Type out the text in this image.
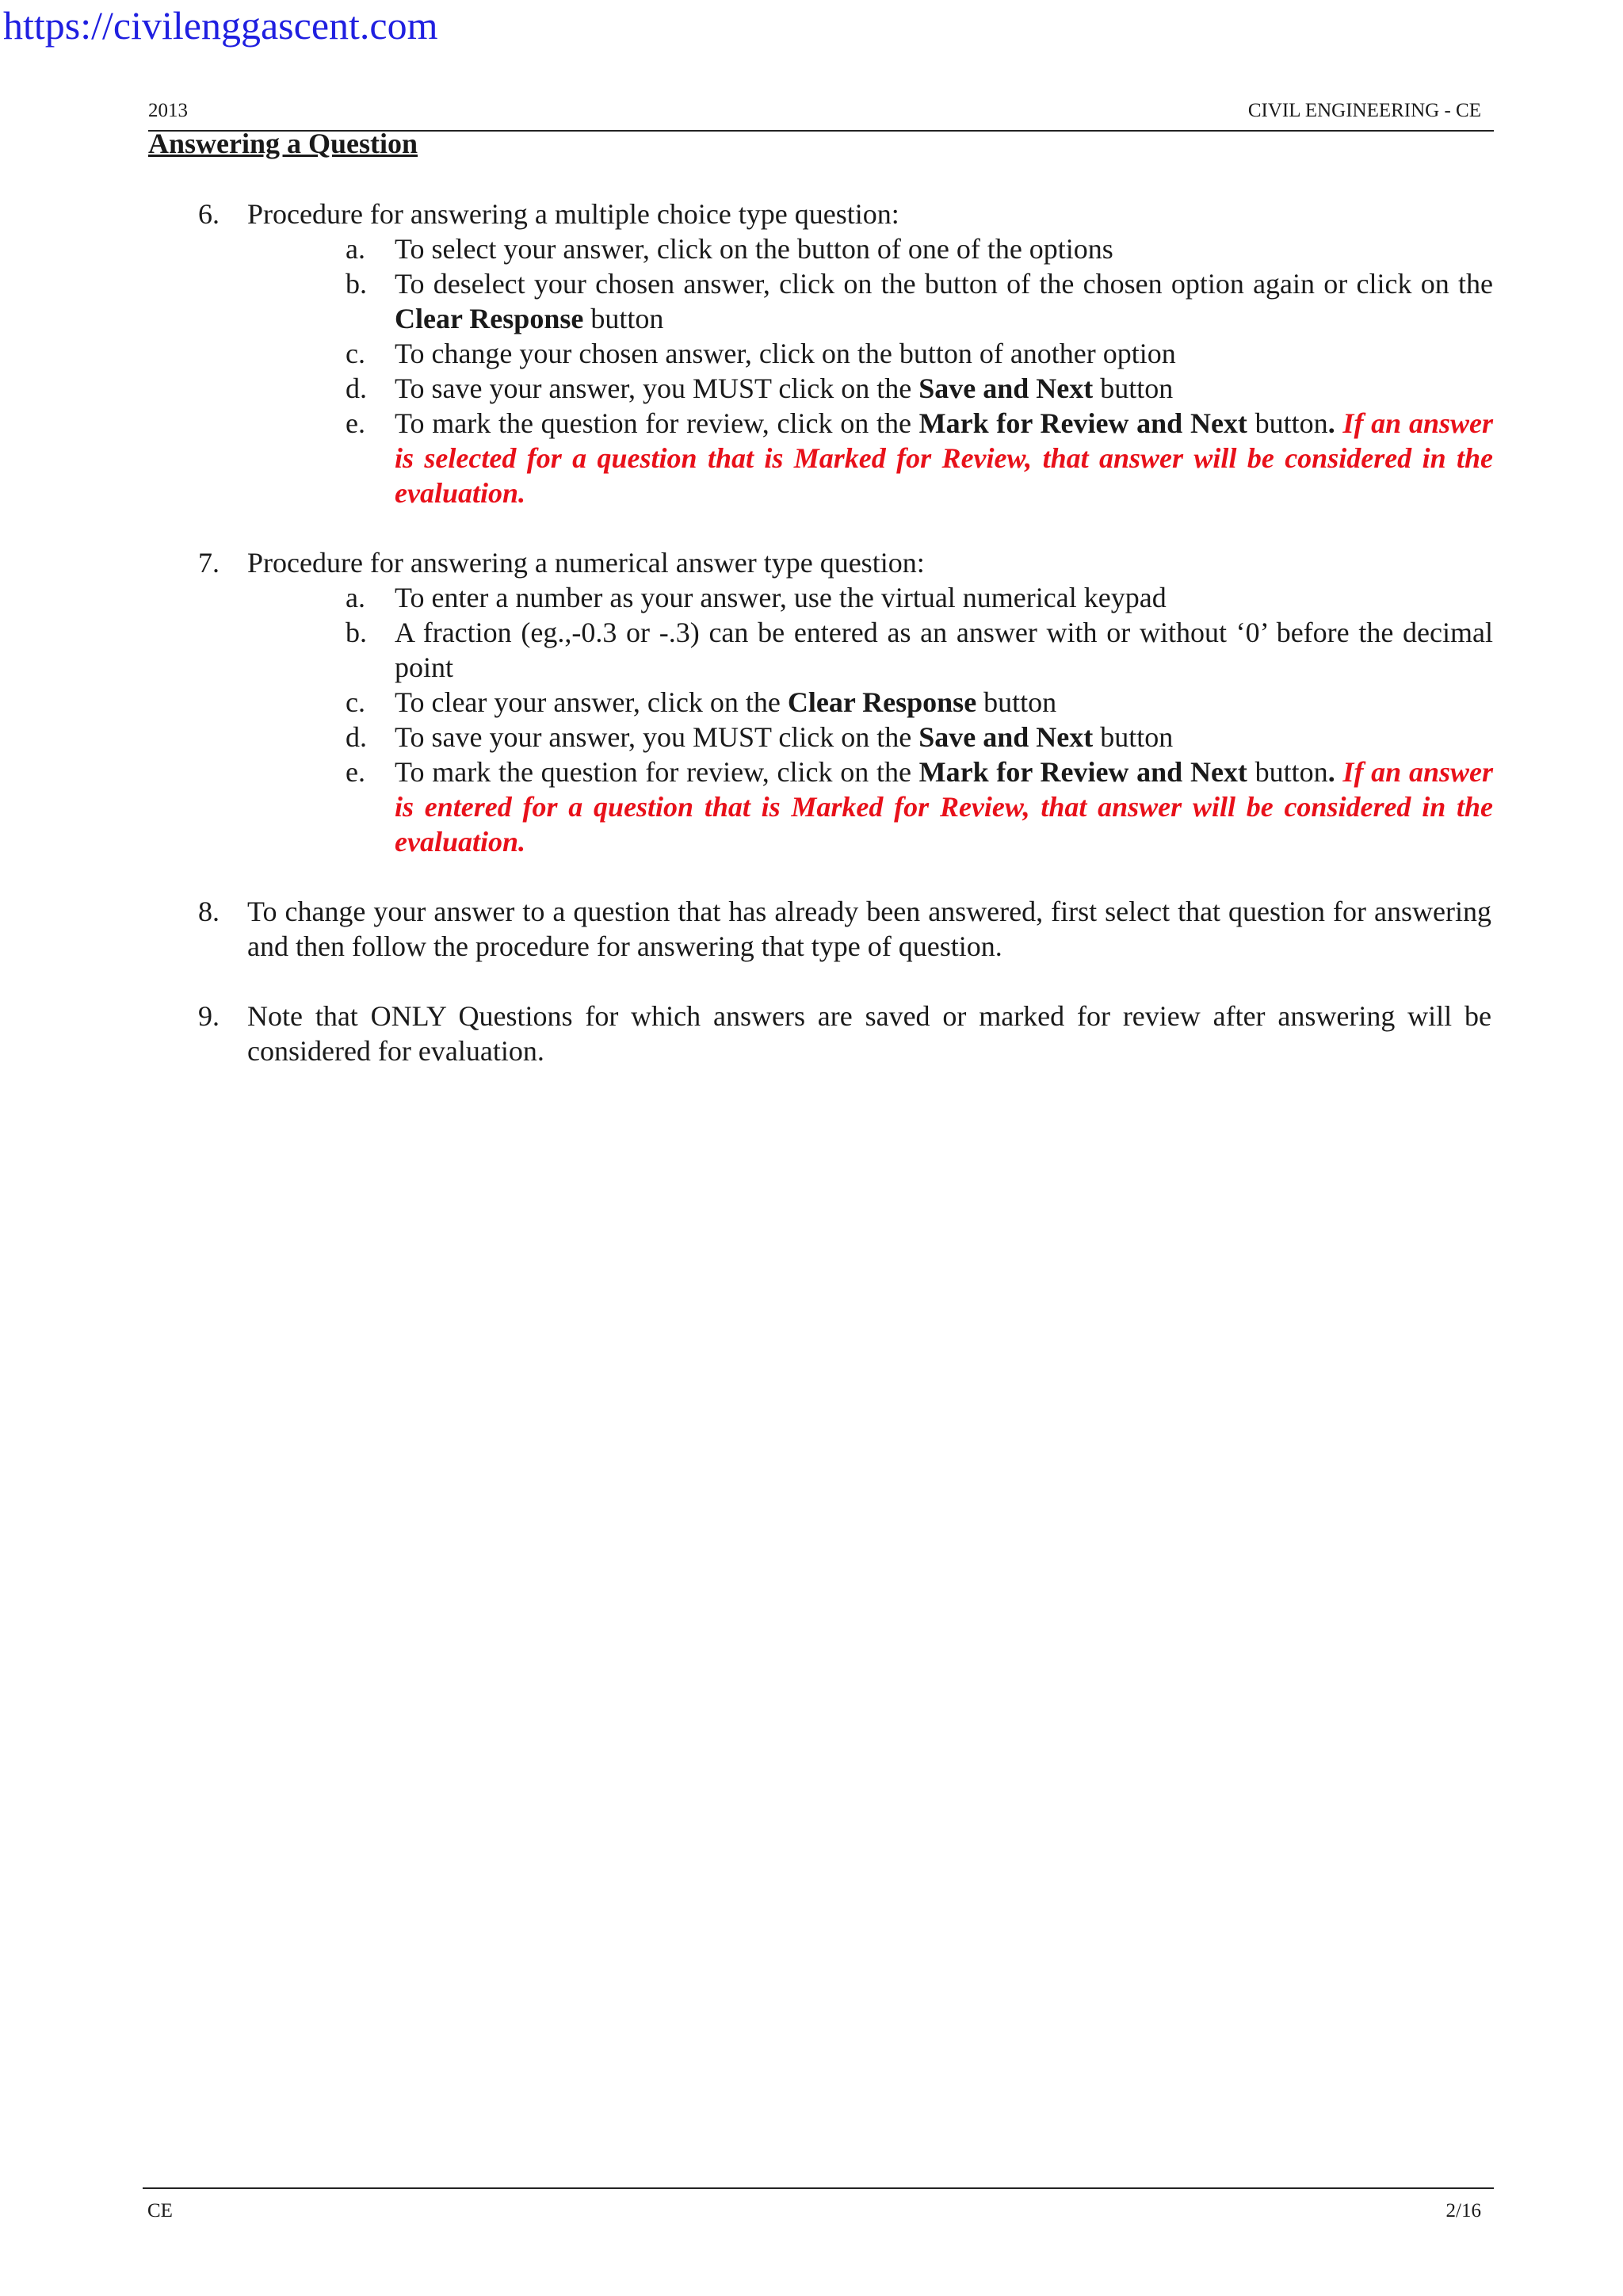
https://civilenggascent.com
2013	CIVIL ENGINEERING - CE
Answering a Question
6. Procedure for answering a multiple choice type question:
a.	To select your answer, click on the button of one of the options
b. To deselect your chosen answer, click on the button of the chosen option again or click on the Clear Response button
c.	To change your chosen answer, click on the button of another option
d. To save your answer, you MUST click on the Save and Next button
e.	To mark the question for review, click on the Mark for Review and Next button. If an answer is selected for a question that is Marked for Review, that answer will be considered in the evaluation.
7. Procedure for answering a numerical answer type question:
a.	To enter a number as your answer, use the virtual numerical keypad
b. A fraction (eg.,-0.3 or -.3) can be entered as an answer with or without ‘0’ before the decimal point
c.	To clear your answer, click on the Clear Response button
d. To save your answer, you MUST click on the Save and Next button
e.	To mark the question for review, click on the Mark for Review and Next button. If an answer is entered for a question that is Marked for Review, that answer will be considered in the evaluation.
8. To change your answer to a question that has already been answered, first select that question for answering and then follow the procedure for answering that type of question.
9. Note that ONLY Questions for which answers are saved or marked for review after answering will be considered for evaluation.
CE	2/16
